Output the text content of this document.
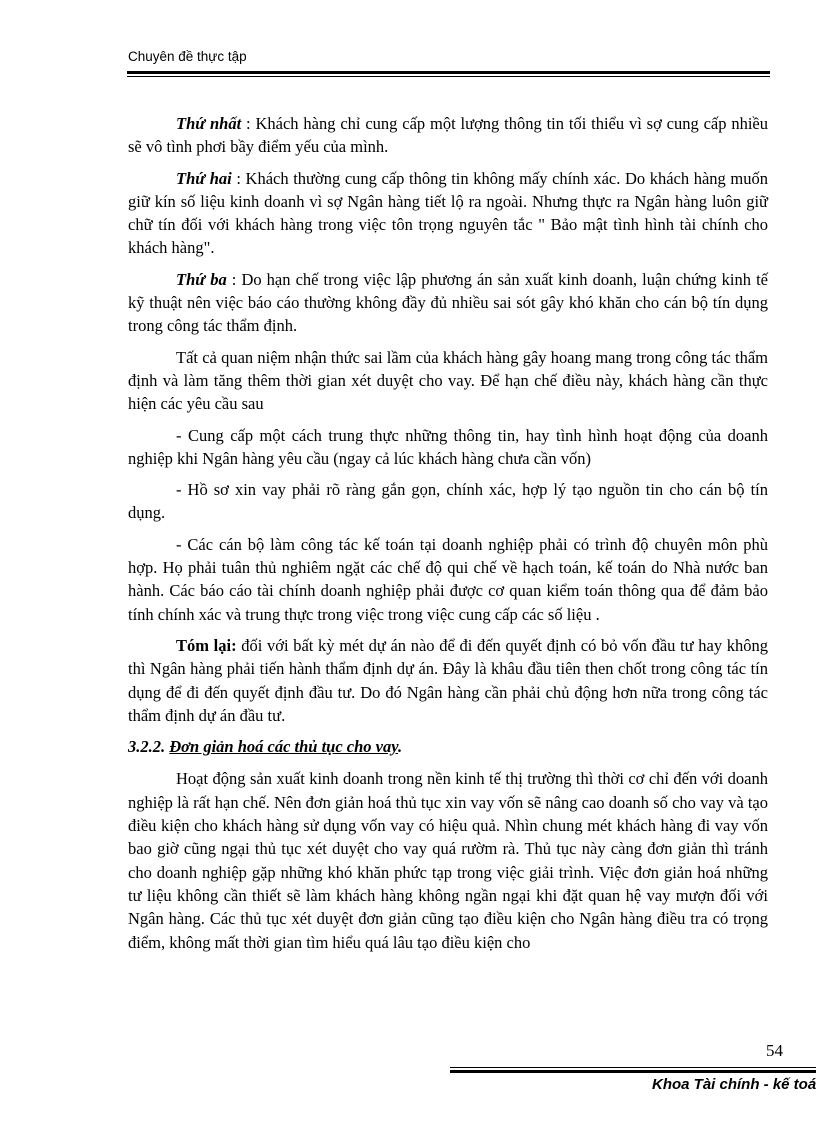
Chuyên đề thực tập

Thứ nhất : Khách hàng chỉ cung cấp một lượng thông tin tối thiểu vì sợ cung cấp nhiều sẽ vô tình phơi bầy điểm yếu của mình.

Thứ hai : Khách thường cung cấp thông tin không mấy chính xác. Do khách hàng muốn giữ kín số liệu kinh doanh vì sợ Ngân hàng tiết lộ ra ngoài. Nhưng thực ra Ngân hàng luôn giữ chữ tín đối với khách hàng trong việc tôn trọng nguyên tắc " Bảo mật tình hình tài chính cho khách hàng".

Thứ ba : Do hạn chế trong việc lập phương án sản xuất kinh doanh, luận chứng kinh tế kỹ thuật nên việc báo cáo thường không đầy đủ nhiều sai sót gây khó khăn cho cán bộ tín dụng trong công tác thẩm định.

Tất cả quan niệm nhận thức sai lầm của khách hàng gây hoang mang trong công tác thẩm định và làm tăng thêm thời gian xét duyệt cho vay. Để hạn chế điều này, khách hàng cần thực hiện các yêu cầu sau

- Cung cấp một cách trung thực những thông tin, hay tình hình hoạt động của doanh nghiệp khi Ngân hàng yêu cầu (ngay cả lúc khách hàng chưa cần vốn)

- Hồ sơ xin vay phải rõ ràng gắn gọn, chính xác, hợp lý tạo nguồn tin cho cán bộ tín dụng.

- Các cán bộ làm công tác kế toán tại doanh nghiệp phải có trình độ chuyên môn phù hợp. Họ phải tuân thủ nghiêm ngặt các chế độ qui chế về hạch toán, kế toán do Nhà nước ban hành. Các báo cáo tài chính doanh nghiệp phải được cơ quan kiểm toán thông qua để đảm bảo tính chính xác và trung thực trong việc trong việc cung cấp các số liệu .

Tóm lại: đối với bất kỳ mét dự án nào để đi đến quyết định có bỏ vốn đầu tư hay không thì Ngân hàng phải tiến hành thẩm định dự án. Đây là khâu đầu tiên then chốt trong công tác tín dụng để đi đến quyết định đầu tư. Do đó Ngân hàng cần phải chủ động hơn nữa trong công tác thẩm định dự án đầu tư.

3.2.2. Đơn giản hoá các thủ tục cho vay.

Hoạt động sản xuất kinh doanh trong nền kinh tế thị trường thì thời cơ chỉ đến với doanh nghiệp là rất hạn chế. Nên đơn giản hoá thủ tục xin vay vốn sẽ nâng cao doanh số cho vay và tạo điều kiện cho khách hàng sử dụng vốn vay có hiệu quả. Nhìn chung mét khách hàng đi vay vốn bao giờ cũng ngại thủ tục xét duyệt cho vay quá rườm rà. Thủ tục này càng đơn giản thì tránh cho doanh nghiệp gặp những khó khăn phức tạp trong việc giải trình. Việc đơn giản hoá những tư liệu không cần thiết sẽ làm khách hàng không ngần ngại khi đặt quan hệ vay mượn đối với Ngân hàng. Các thủ tục xét duyệt đơn giản cũng tạo điều kiện cho Ngân hàng điều tra có trọng điểm, không mất thời gian tìm hiểu quá lâu tạo điều kiện cho

54
Khoa Tài chính - kế toá
